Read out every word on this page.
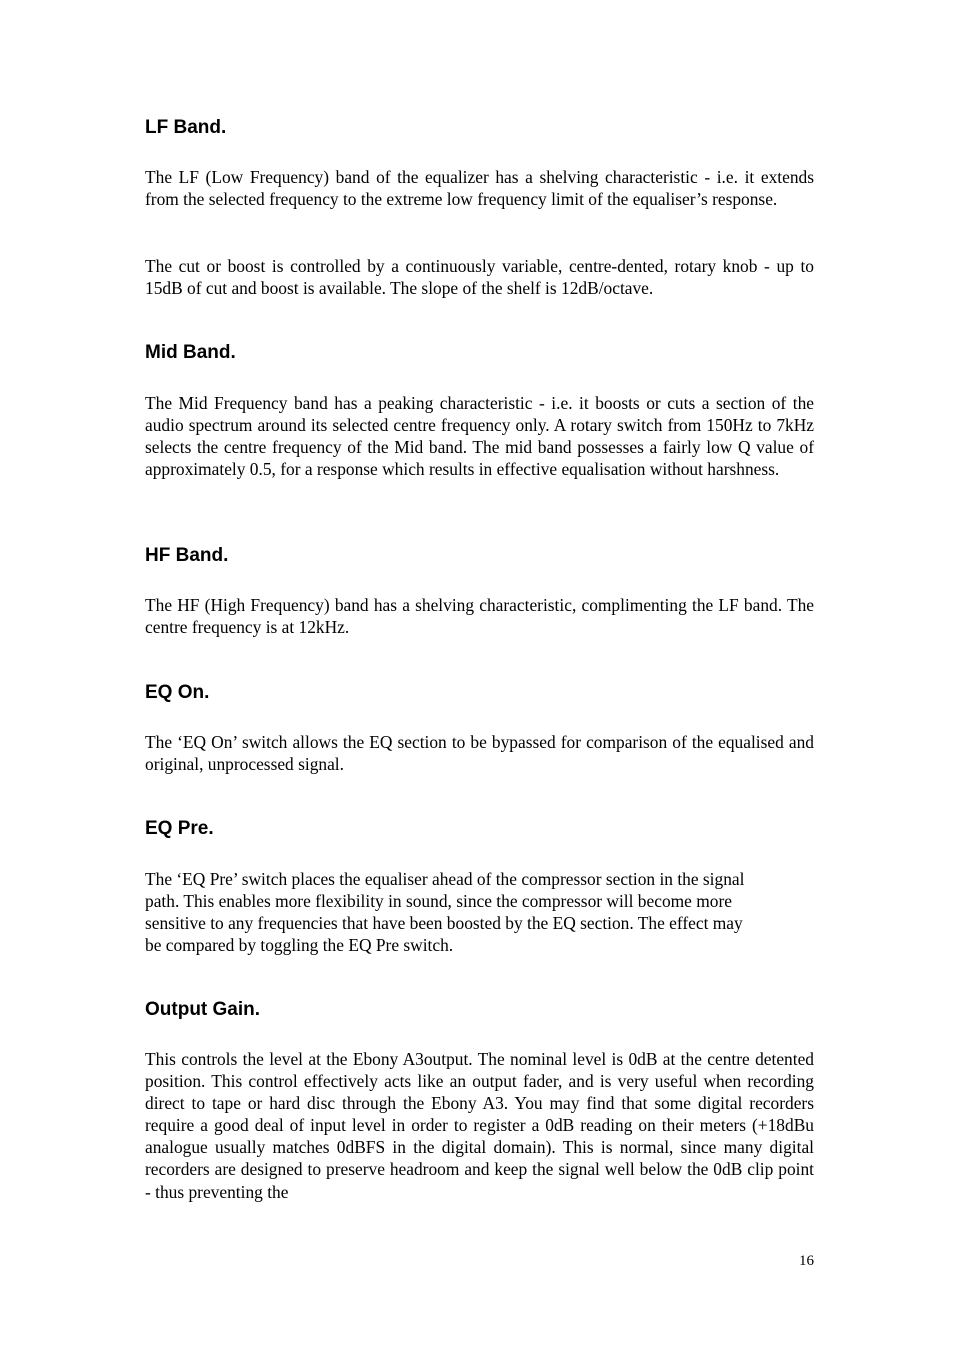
LF Band.

The LF (Low Frequency) band of the equalizer has a shelving characteristic - i.e. it extends from the selected frequency to the extreme low frequency limit of the equaliser’s response.

The cut or boost is controlled by a continuously variable, centre-dented, rotary knob - up to 15dB of cut and boost is available. The slope of the shelf is 12dB/octave.

Mid Band.

The Mid Frequency band has a peaking characteristic - i.e. it boosts or cuts a section of the audio spectrum around its selected centre frequency only. A rotary switch from 150Hz to 7kHz selects the centre frequency of the Mid band. The mid band possesses a fairly low Q value of approximately 0.5, for a response which results in effective equalisation without harshness.

HF Band.

The HF (High Frequency) band has a shelving characteristic, complimenting the LF band. The centre frequency is at 12kHz.

EQ On.

The ‘EQ On’ switch allows the EQ section to be bypassed for comparison of the equalised and original, unprocessed signal.

EQ Pre.

The ‘EQ Pre’ switch places the equaliser ahead of the compressor section in the signal path. This enables more flexibility in sound, since the compressor will become more sensitive to any frequencies that have been boosted by the EQ section. The effect may be compared by toggling the EQ Pre switch.

Output Gain.

This controls the level at the Ebony A3output. The nominal level is 0dB at the centre detented position. This control effectively acts like an output fader, and is very useful when recording direct to tape or hard disc through the Ebony A3. You may find that some digital recorders require a good deal of input level in order to register a 0dB reading on their meters (+18dBu analogue usually matches 0dBFS in the digital domain). This is normal, since many digital recorders are designed to preserve headroom and keep the signal well below the 0dB clip point - thus preventing the

16
